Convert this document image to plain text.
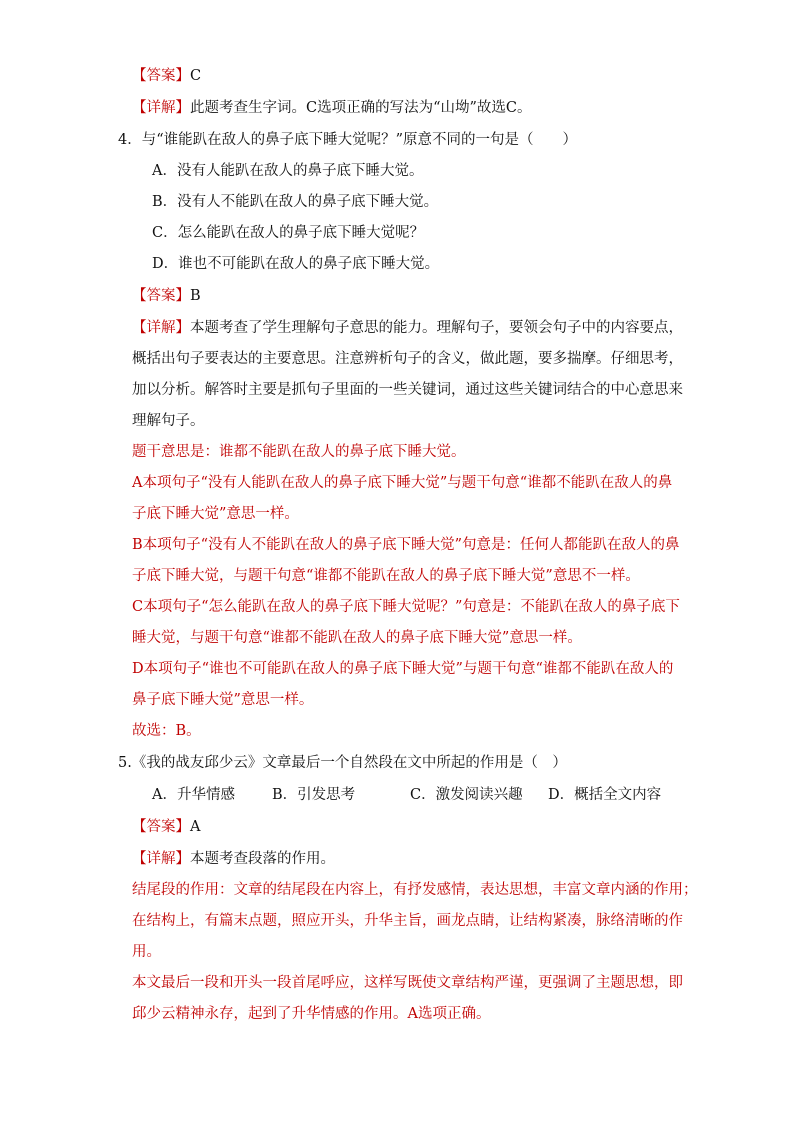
【答案】C
【详解】此题考查生字词。C选项正确的写法为“山坳”故选C。
4．与“谁能趴在敌人的鼻子底下睡大觉呢？”原意不同的一句是（　　）
A．没有人能趴在敌人的鼻子底下睡大觉。
B．没有人不能趴在敌人的鼻子底下睡大觉。
C．怎么能趴在敌人的鼻子底下睡大觉呢？
D．谁也不可能趴在敌人的鼻子底下睡大觉。
【答案】B
【详解】本题考查了学生理解句子意思的能力。理解句子，要领会句子中的内容要点，
概括出句子要表达的主要意思。注意辨析句子的含义，做此题，要多揣摩。仔细思考，
加以分析。解答时主要是抓句子里面的一些关键词，通过这些关键词结合的中心意思来
理解句子。
题干意思是：谁都不能趴在敌人的鼻子底下睡大觉。
A本项句子“没有人能趴在敌人的鼻子底下睡大觉”与题干句意“谁都不能趴在敌人的鼻
子底下睡大觉”意思一样。
B本项句子“没有人不能趴在敌人的鼻子底下睡大觉”句意是：任何人都能趴在敌人的鼻
子底下睡大觉，与题干句意“谁都不能趴在敌人的鼻子底下睡大觉”意思不一样。
C本项句子“怎么能趴在敌人的鼻子底下睡大觉呢？”句意是：不能趴在敌人的鼻子底下
睡大觉，与题干句意“谁都不能趴在敌人的鼻子底下睡大觉”意思一样。
D本项句子“谁也不可能趴在敌人的鼻子底下睡大觉”与题干句意“谁都不能趴在敌人的
鼻子底下睡大觉”意思一样。
故选：B。
5.《我的战友邱少云》文章最后一个自然段在文中所起的作用是（　）
A．升华情感	B．引发思考	C．激发阅读兴趣 D．概括全文内容
【答案】A
【详解】本题考查段落的作用。
结尾段的作用：文章的结尾段在内容上，有抒发感情，表达思想，丰富文章内涵的作用；
在结构上，有篇末点题，照应开头，升华主旨，画龙点睛，让结构紧凑，脉络清晰的作
用。
本文最后一段和开头一段首尾呼应，这样写既使文章结构严谨，更强调了主题思想，即
邱少云精神永存，起到了升华情感的作用。A选项正确。
